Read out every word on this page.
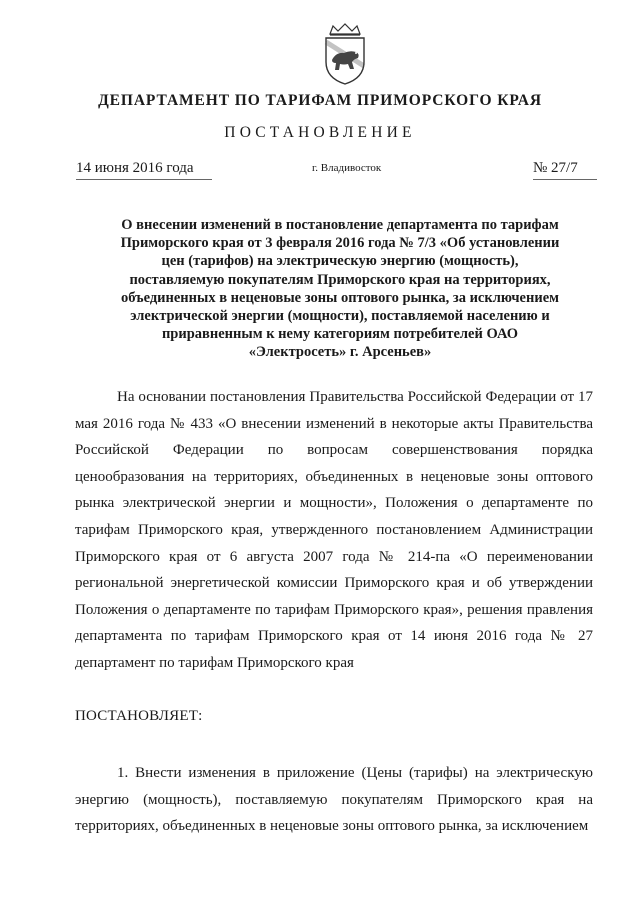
ДЕПАРТАМЕНТ ПО ТАРИФАМ ПРИМОРСКОГО КРАЯ
ПОСТАНОВЛЕНИЕ
14 июня 2016 года	г. Владивосток	№ 27/7
О внесении изменений в постановление департамента по тарифам Приморского края от 3 февраля 2016 года № 7/3 «Об установлении цен (тарифов) на электрическую энергию (мощность), поставляемую покупателям Приморского края на территориях, объединенных в неценовые зоны оптового рынка, за исключением электрической энергии (мощности), поставляемой населению и приравненным к нему категориям потребителей ОАО «Электросеть» г. Арсеньев»
На основании постановления Правительства Российской Федерации от 17 мая 2016 года № 433 «О внесении изменений в некоторые акты Правительства Российской Федерации по вопросам совершенствования порядка ценообразования на территориях, объединенных в неценовые зоны оптового рынка электрической энергии и мощности», Положения о департаменте по тарифам Приморского края, утвержденного постановлением Администрации Приморского края от 6 августа 2007 года № 214-па «О переименовании региональной энергетической комиссии Приморского края и об утверждении Положения о департаменте по тарифам Приморского края», решения правления департамента по тарифам Приморского края от 14 июня 2016 года № 27 департамент по тарифам Приморского края
ПОСТАНОВЛЯЕТ:
1. Внести изменения в приложение (Цены (тарифы) на электрическую энергию (мощность), поставляемую покупателям Приморского края на территориях, объединенных в неценовые зоны оптового рынка, за исключением
